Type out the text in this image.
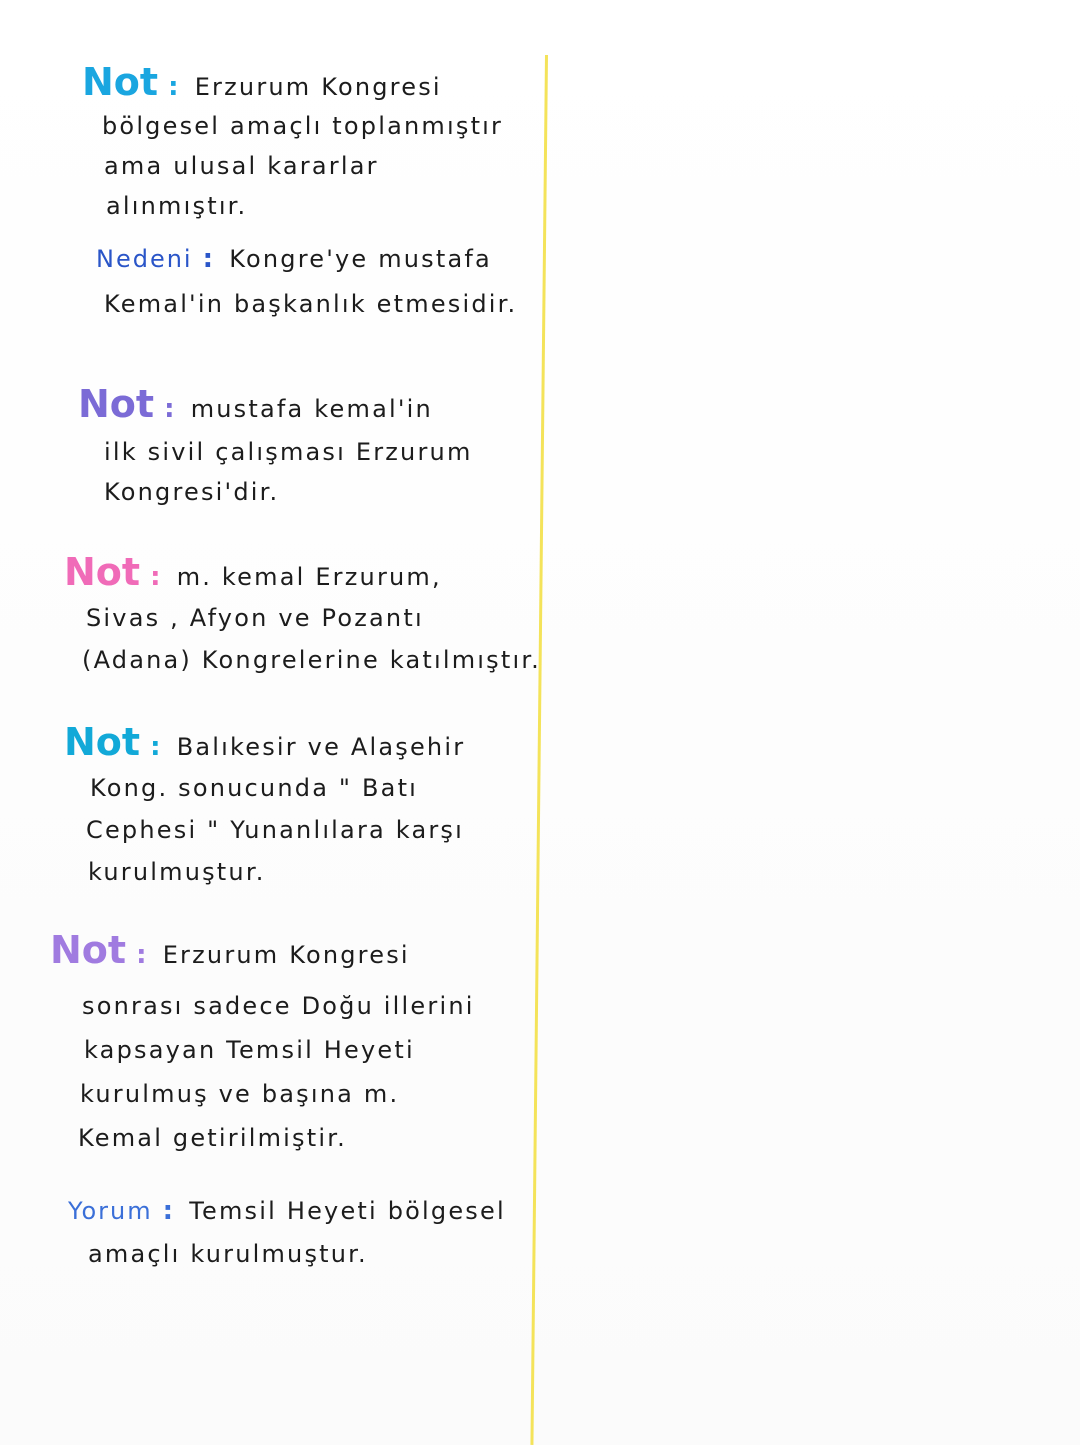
Not : Erzurum Kongresi
bölgesel amaçlı toplanmıştır
ama ulusal kararlar
alınmıştır.
Nedeni : Kongre'ye mustafa
Kemal'in başkanlık etmesidir.
Not : mustafa kemal'in
ilk sivil çalışması Erzurum
Kongresi'dir.
Not : m. kemal Erzurum,
Sivas , Afyon ve Pozantı
(Adana) Kongrelerine katılmıştır.
Not : Balıkesir ve Alaşehir
Kong. sonucunda " Batı
Cephesi " Yunanlılara karşı
kurulmuştur.
Not : Erzurum Kongresi
sonrası sadece Doğu illerini
kapsayan Temsil Heyeti
kurulmuş ve başına m.
Kemal getirilmiştir.
Yorum : Temsil Heyeti bölgesel
amaçlı kurulmuştur.
